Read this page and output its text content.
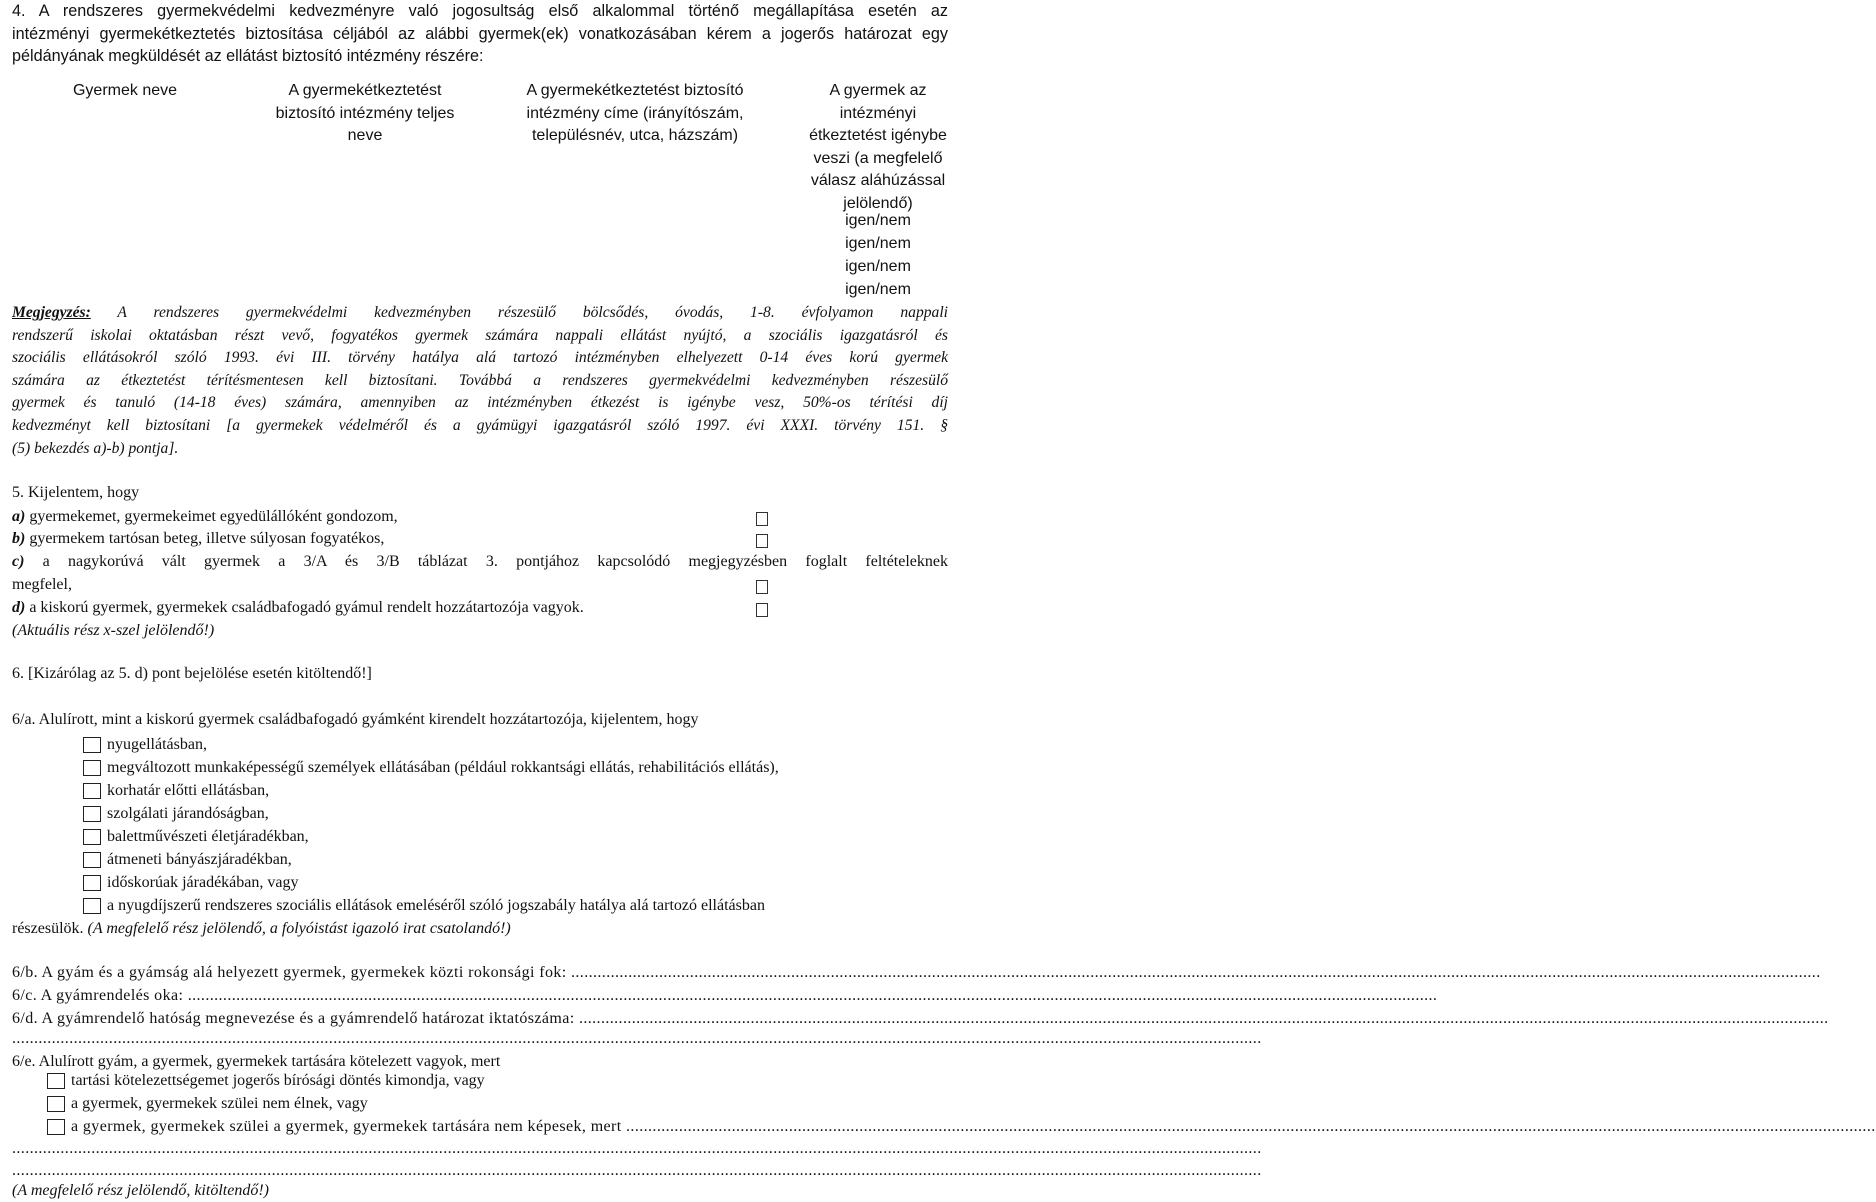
4. A rendszeres gyermekvédelmi kedvezményre való jogosultság első alkalommal történő megállapítása esetén az
intézményi gyermekétkeztetés biztosítása céljából az alábbi gyermek(ek) vonatkozásában kérem a jogerős határozat egy
példányának megküldését az ellátást biztosító intézmény részére:
Gyermek neve	A gyermekétkeztetést
biztosító intézmény teljes
neve
A gyermekétkeztetést biztosító
intézmény címe (irányítószám,
településnév, utca, házszám)
A gyermek az
intézményi
étkeztetést igénybe
veszi (a megfelelő
válasz aláhúzással
jelölendő)
igen/nem
igen/nem
igen/nem
igen/nem
Megjegyzés: A rendszeres gyermekvédelmi kedvezményben részesülő bölcsődés, óvodás, 1-8. évfolyamon nappali
rendszerű iskolai oktatásban részt vevő, fogyatékos gyermek számára nappali ellátást nyújtó, a szociális igazgatásról és
szociális ellátásokról szóló 1993. évi III. törvény hatálya alá tartozó intézményben elhelyezett 0-14 éves korú gyermek
számára az étkeztetést térítésmentesen kell biztosítani. Továbbá a rendszeres gyermekvédelmi kedvezményben részesülő
gyermek és tanuló (14-18 éves) számára, amennyiben az intézményben étkezést is igénybe vesz, 50%-os térítési díj
kedvezményt kell biztosítani [a gyermekek védelméről és a gyámügyi igazgatásról szóló 1997. évi XXXI. törvény 151. §
(5) bekezdés a)-b) pontja].
5. Kijelentem, hogy
a) gyermekemet, gyermekeimet egyedülállóként gondozom,
b) gyermekem tartósan beteg, illetve súlyosan fogyatékos,
c) a nagykorúvá vált gyermek a 3/A és 3/B táblázat 3. pontjához kapcsolódó megjegyzésben foglalt feltételeknek
megfelel,
d) a kiskorú gyermek, gyermekek családbafogadó gyámul rendelt hozzátartozója vagyok.
(Aktuális rész x-szel jelölendő!)
6. [Kizárólag az 5. d) pont bejelölése esetén kitöltendő!]
6/a. Alulírott, mint a kiskorú gyermek családbafogadó gyámként kirendelt hozzátartozója, kijelentem, hogy
nyugellátásban,
megváltozott munkaképességű személyek ellátásában (például rokkantsági ellátás, rehabilitációs ellátás),
korhatár előtti ellátásban,
szolgálati járandóságban,
balettművészeti életjáradékban,
átmeneti bányászjáradékban,
időskorúak járadékában, vagy
a nyugdíjszerű rendszeres szociális ellátások emeléséről szóló jogszabály hatálya alá tartozó ellátásban
részesülök. (A megfelelő rész jelölendő, a folyóistást igazoló irat csatolandó!)
6/b. A gyám és a gyámság alá helyezett gyermek, gyermekek közti rokonsági fok: ............................................................................................................................................................................................................................................................................................
6/c. A gyámrendelés oka: ............................................................................................................................................................................................................................................................................................
6/d. A gyámrendelő hatóság megnevezése és a gyámrendelő határozat iktatószáma: ............................................................................................................................................................................................................................................................................................
............................................................................................................................................................................................................................................................................................
6/e. Alulírott gyám, a gyermek, gyermekek tartására kötelezett vagyok, mert
tartási kötelezettségemet jogerős bírósági döntés kimondja, vagy
a gyermek, gyermekek szülei nem élnek, vagy
a gyermek, gyermekek szülei a gyermek, gyermekek tartására nem képesek, mert ............................................................................................................................................................................................................................................................................................
............................................................................................................................................................................................................................................................................................
............................................................................................................................................................................................................................................................................................
(A megfelelő rész jelölendő, kitöltendő!)
